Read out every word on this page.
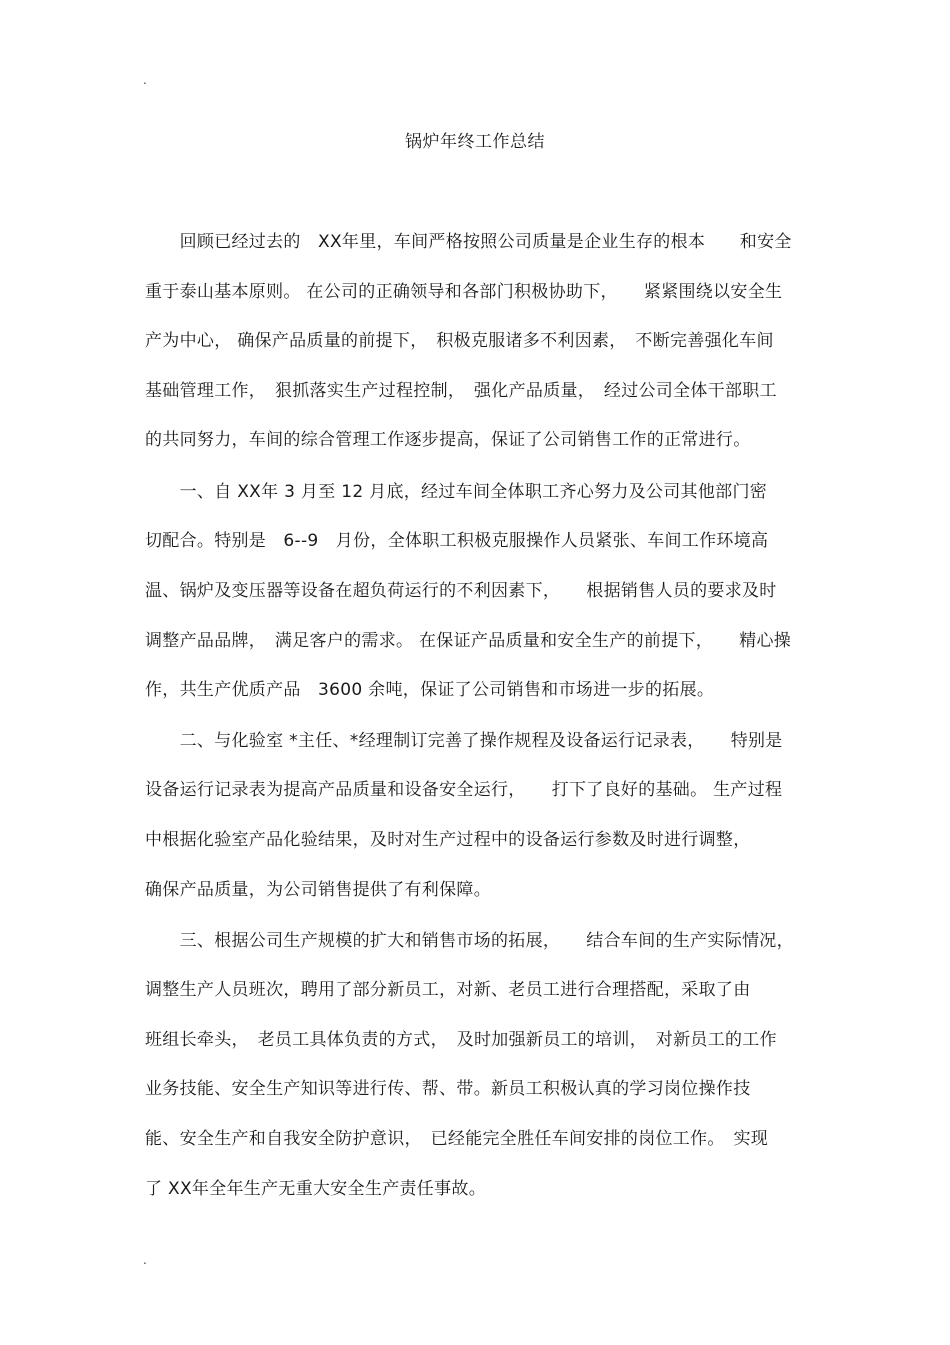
.
锅炉年终工作总结
　　回顾已经过去的　XX年里，车间严格按照公司质量是企业生存的根本　　和安全
重于泰山基本原则。 在公司的正确领导和各部门积极协助下，　　紧紧围绕以安全生
产为中心， 确保产品质量的前提下，　积极克服诸多不利因素，　不断完善强化车间
基础管理工作，　狠抓落实生产过程控制，　强化产品质量，　经过公司全体干部职工
的共同努力，车间的综合管理工作逐步提高，保证了公司销售工作的正常进行。
　　一、自 XX年 3 月至 12 月底，经过车间全体职工齐心努力及公司其他部门密
切配合。特别是　6--9　月份，全体职工积极克服操作人员紧张、车间工作环境高
温、锅炉及变压器等设备在超负荷运行的不利因素下，　　根据销售人员的要求及时
调整产品品牌，　满足客户的需求。 在保证产品质量和安全生产的前提下，　　精心操
作，共生产优质产品　3600 余吨，保证了公司销售和市场进一步的拓展。
　　二、与化验室 *主任、*经理制订完善了操作规程及设备运行记录表，　　特别是
设备运行记录表为提高产品质量和设备安全运行，　　打下了良好的基础。 生产过程
中根据化验室产品化验结果，及时对生产过程中的设备运行参数及时进行调整，
确保产品质量，为公司销售提供了有利保障。
　　三、根据公司生产规模的扩大和销售市场的拓展，　　结合车间的生产实际情况，
调整生产人员班次，聘用了部分新员工，对新、老员工进行合理搭配，采取了由
班组长牵头，　老员工具体负责的方式，　及时加强新员工的培训，　对新员工的工作
业务技能、安全生产知识等进行传、帮、带。新员工积极认真的学习岗位操作技
能、安全生产和自我安全防护意识，　已经能完全胜任车间安排的岗位工作。　实现
了 XX年全年生产无重大安全生产责任事故。
.
